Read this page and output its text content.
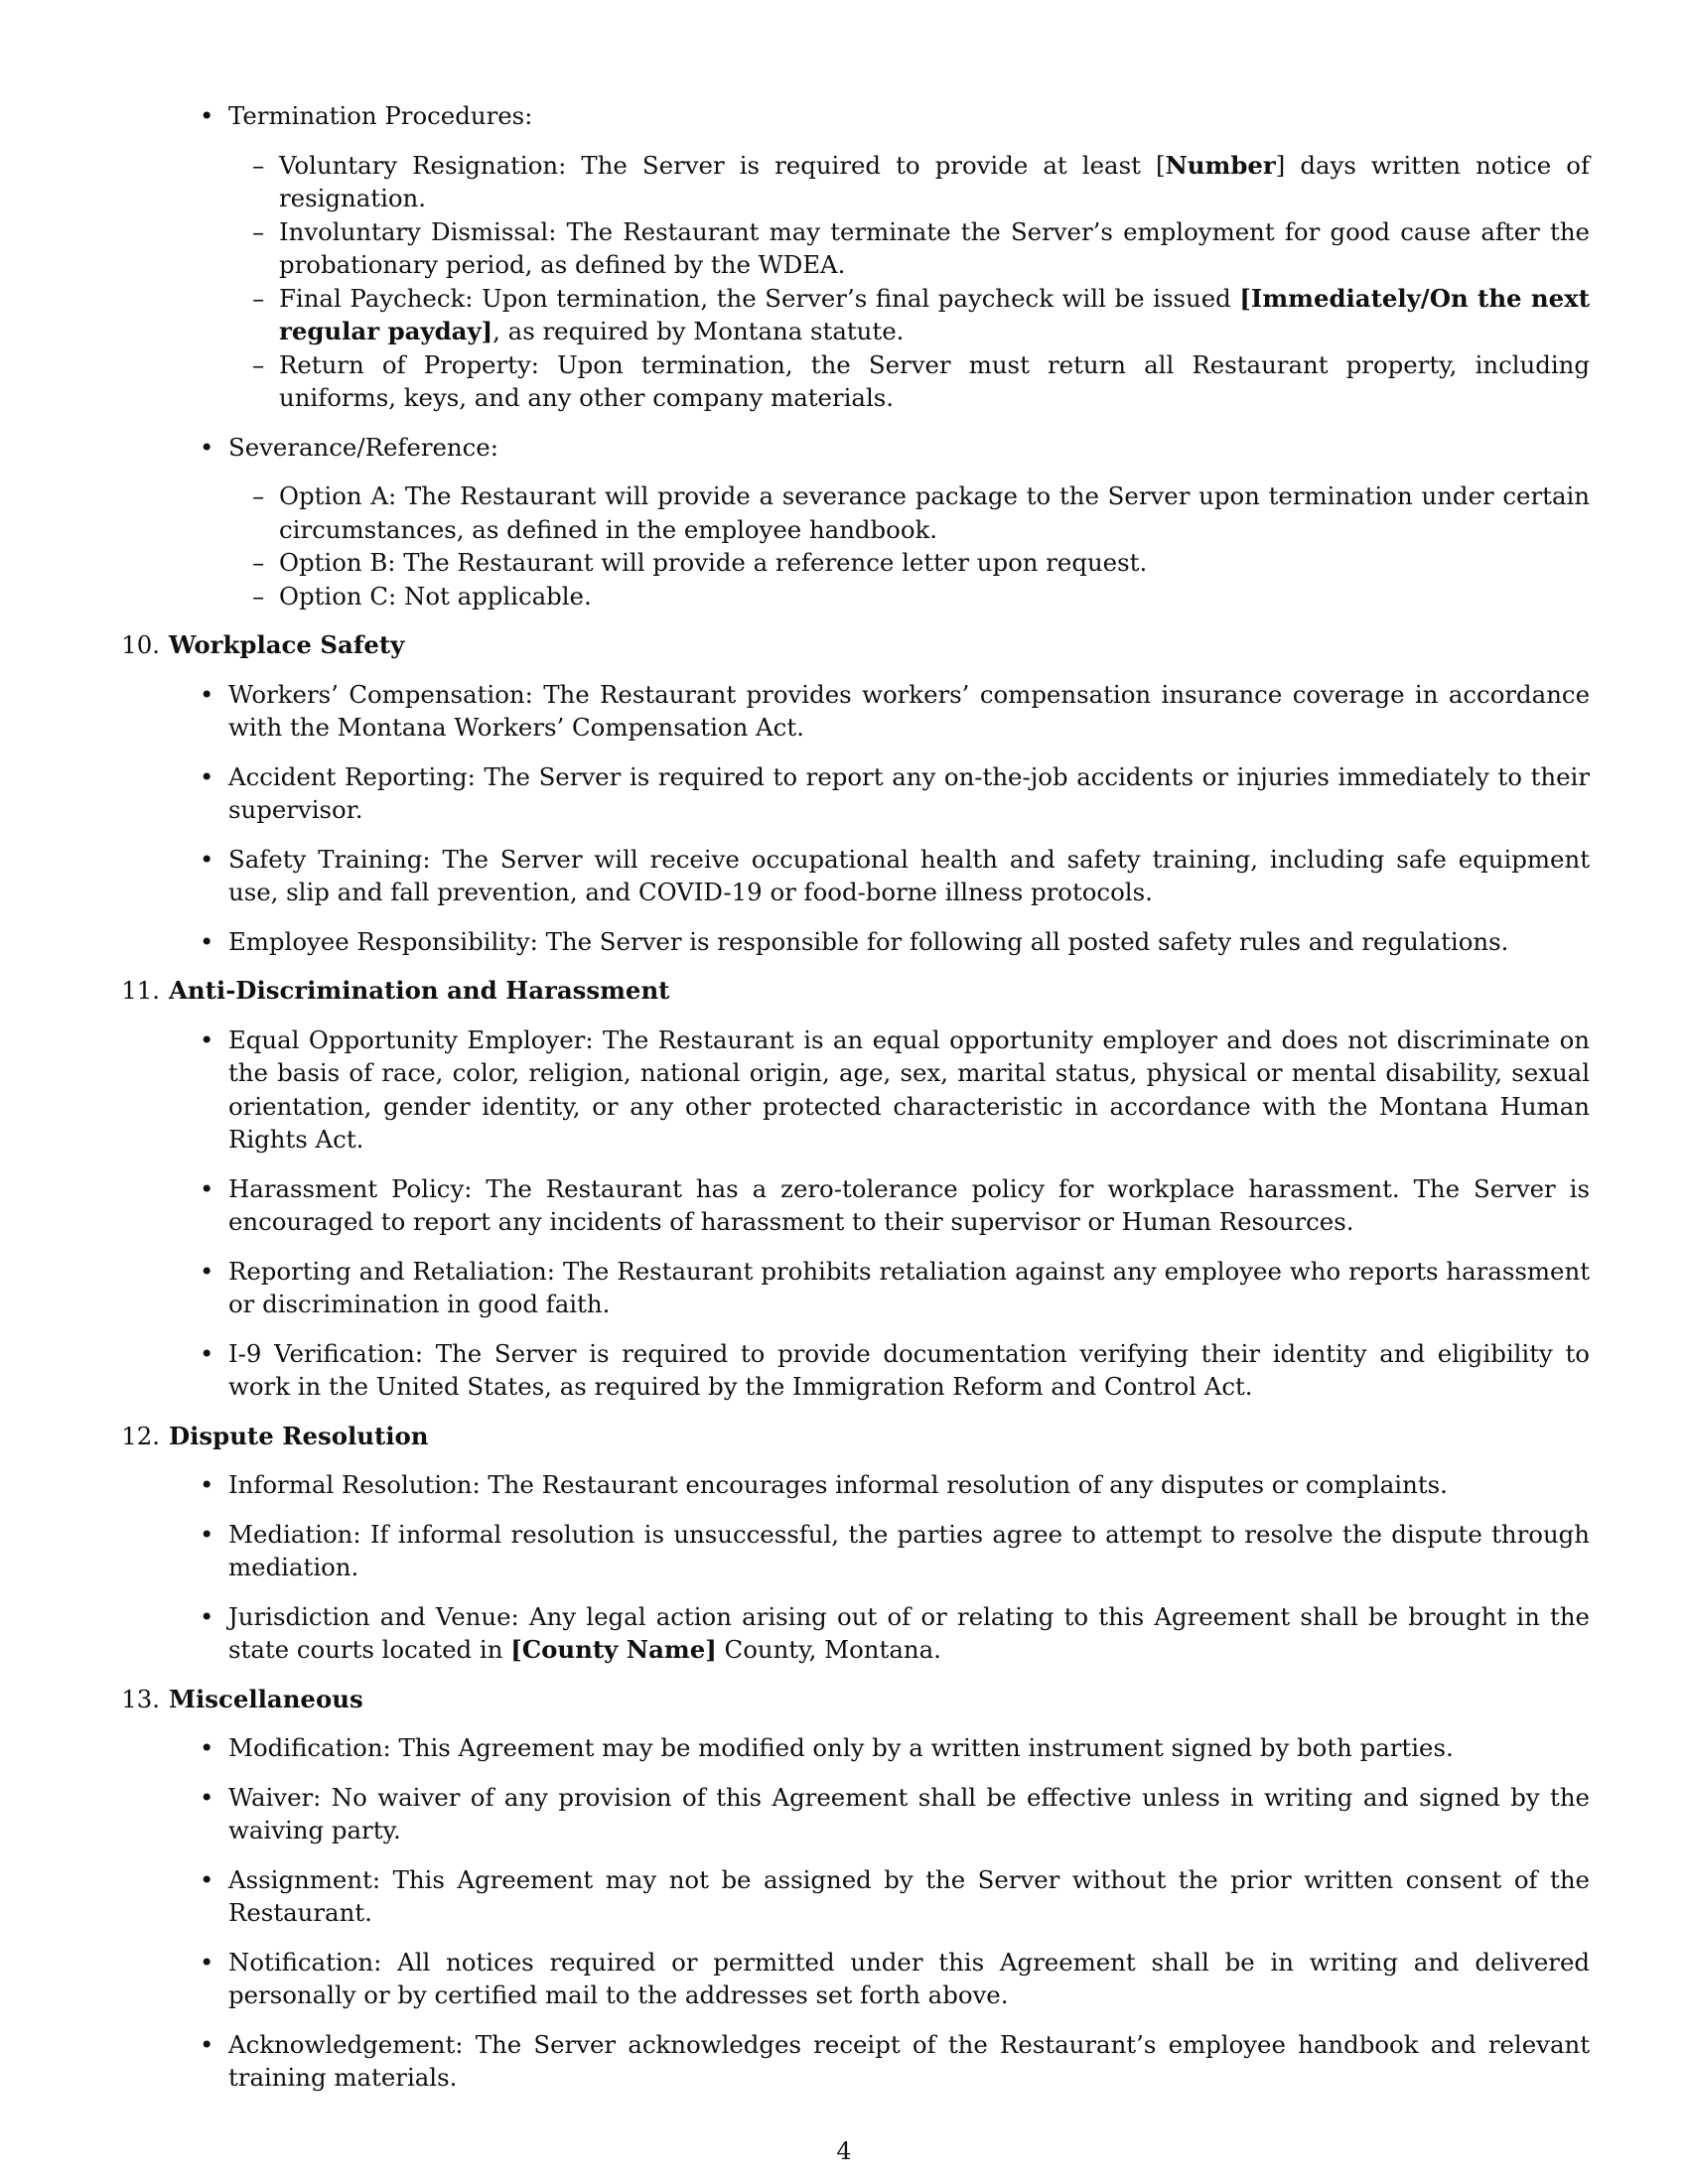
• Termination Procedures:
– Voluntary Resignation: The Server is required to provide at least [Number] days written notice of resignation.
– Involuntary Dismissal: The Restaurant may terminate the Server’s employment for good cause after the probationary period, as defined by the WDEA.
– Final Paycheck: Upon termination, the Server’s final paycheck will be issued [Immediately/On the next regular payday], as required by Montana statute.
– Return of Property: Upon termination, the Server must return all Restaurant property, including uniforms, keys, and any other company materials.
• Severance/Reference:
– Option A: The Restaurant will provide a severance package to the Server upon termination under certain circumstances, as defined in the employee handbook.
– Option B: The Restaurant will provide a reference letter upon request.
– Option C: Not applicable.
10. Workplace Safety
• Workers’ Compensation: The Restaurant provides workers’ compensation insurance coverage in accordance with the Montana Workers’ Compensation Act.
• Accident Reporting: The Server is required to report any on-the-job accidents or injuries immediately to their supervisor.
• Safety Training: The Server will receive occupational health and safety training, including safe equipment use, slip and fall prevention, and COVID-19 or food-borne illness protocols.
• Employee Responsibility: The Server is responsible for following all posted safety rules and regulations.
11. Anti-Discrimination and Harassment
• Equal Opportunity Employer: The Restaurant is an equal opportunity employer and does not discriminate on the basis of race, color, religion, national origin, age, sex, marital status, physical or mental disability, sexual orientation, gender identity, or any other protected characteristic in accordance with the Montana Human Rights Act.
• Harassment Policy: The Restaurant has a zero-tolerance policy for workplace harassment. The Server is encouraged to report any incidents of harassment to their supervisor or Human Resources.
• Reporting and Retaliation: The Restaurant prohibits retaliation against any employee who reports harassment or discrimination in good faith.
• I-9 Verification: The Server is required to provide documentation verifying their identity and eligibility to work in the United States, as required by the Immigration Reform and Control Act.
12. Dispute Resolution
• Informal Resolution: The Restaurant encourages informal resolution of any disputes or complaints.
• Mediation: If informal resolution is unsuccessful, the parties agree to attempt to resolve the dispute through mediation.
• Jurisdiction and Venue: Any legal action arising out of or relating to this Agreement shall be brought in the state courts located in [County Name] County, Montana.
13. Miscellaneous
• Modification: This Agreement may be modified only by a written instrument signed by both parties.
• Waiver: No waiver of any provision of this Agreement shall be effective unless in writing and signed by the waiving party.
• Assignment: This Agreement may not be assigned by the Server without the prior written consent of the Restaurant.
• Notification: All notices required or permitted under this Agreement shall be in writing and delivered personally or by certified mail to the addresses set forth above.
• Acknowledgement: The Server acknowledges receipt of the Restaurant’s employee handbook and relevant training materials.
4
